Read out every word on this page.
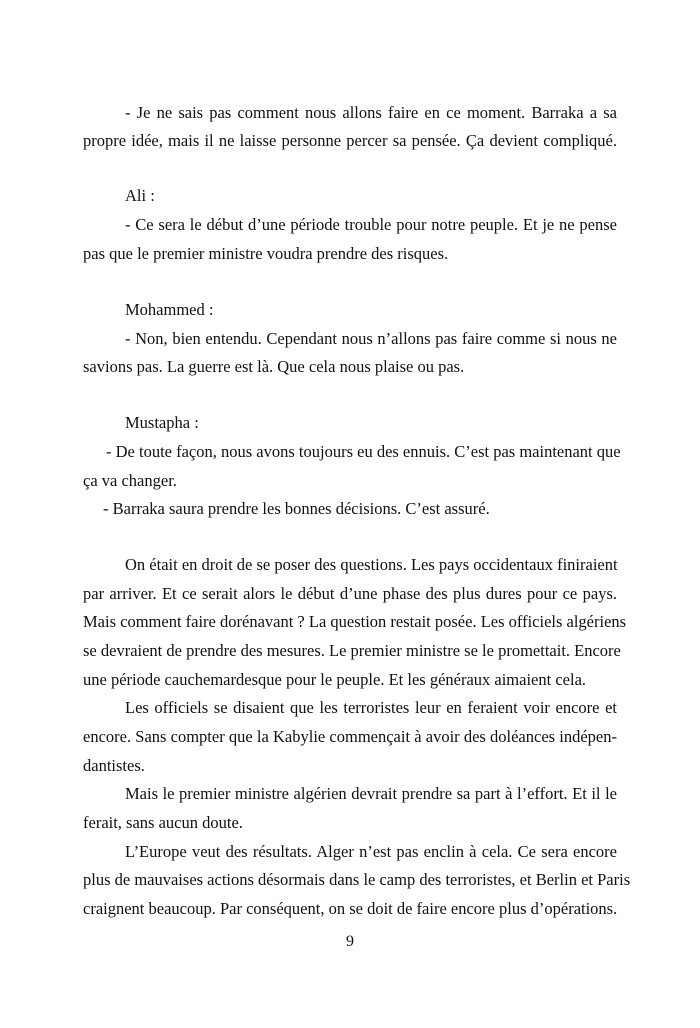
- Je ne sais pas comment nous allons faire en ce moment. Barraka a sa
propre idée, mais il ne laisse personne percer sa pensée. Ça devient compliqué.
Ali :
- Ce sera le début d’une période trouble pour notre peuple. Et je ne pense
pas que le premier ministre voudra prendre des risques.
Mohammed :
- Non, bien entendu. Cependant nous n’allons pas faire comme si nous ne
savions pas. La guerre est là. Que cela nous plaise ou pas.
Mustapha :
- De toute façon, nous avons toujours eu des ennuis. C’est pas maintenant que
ça va changer.
- Barraka saura prendre les bonnes décisions. C’est assuré.
On était en droit de se poser des questions. Les pays occidentaux finiraient
par arriver. Et ce serait alors le début d’une phase des plus dures pour ce pays.
Mais comment faire dorénavant ? La question restait posée. Les officiels algériens
se devraient de prendre des mesures. Le premier ministre se le promettait. Encore
une période cauchemardesque pour le peuple. Et les généraux aimaient cela.
Les officiels se disaient que les terroristes leur en feraient voir encore et
encore. Sans compter que la Kabylie commençait à avoir des doléances indépen-
dantistes.
Mais le premier ministre algérien devrait prendre sa part à l’effort. Et il le
ferait, sans aucun doute.
L’Europe veut des résultats. Alger n’est pas enclin à cela. Ce sera encore
plus de mauvaises actions désormais dans le camp des terroristes, et Berlin et Paris
craignent beaucoup. Par conséquent, on se doit de faire encore plus d’opérations.
9
